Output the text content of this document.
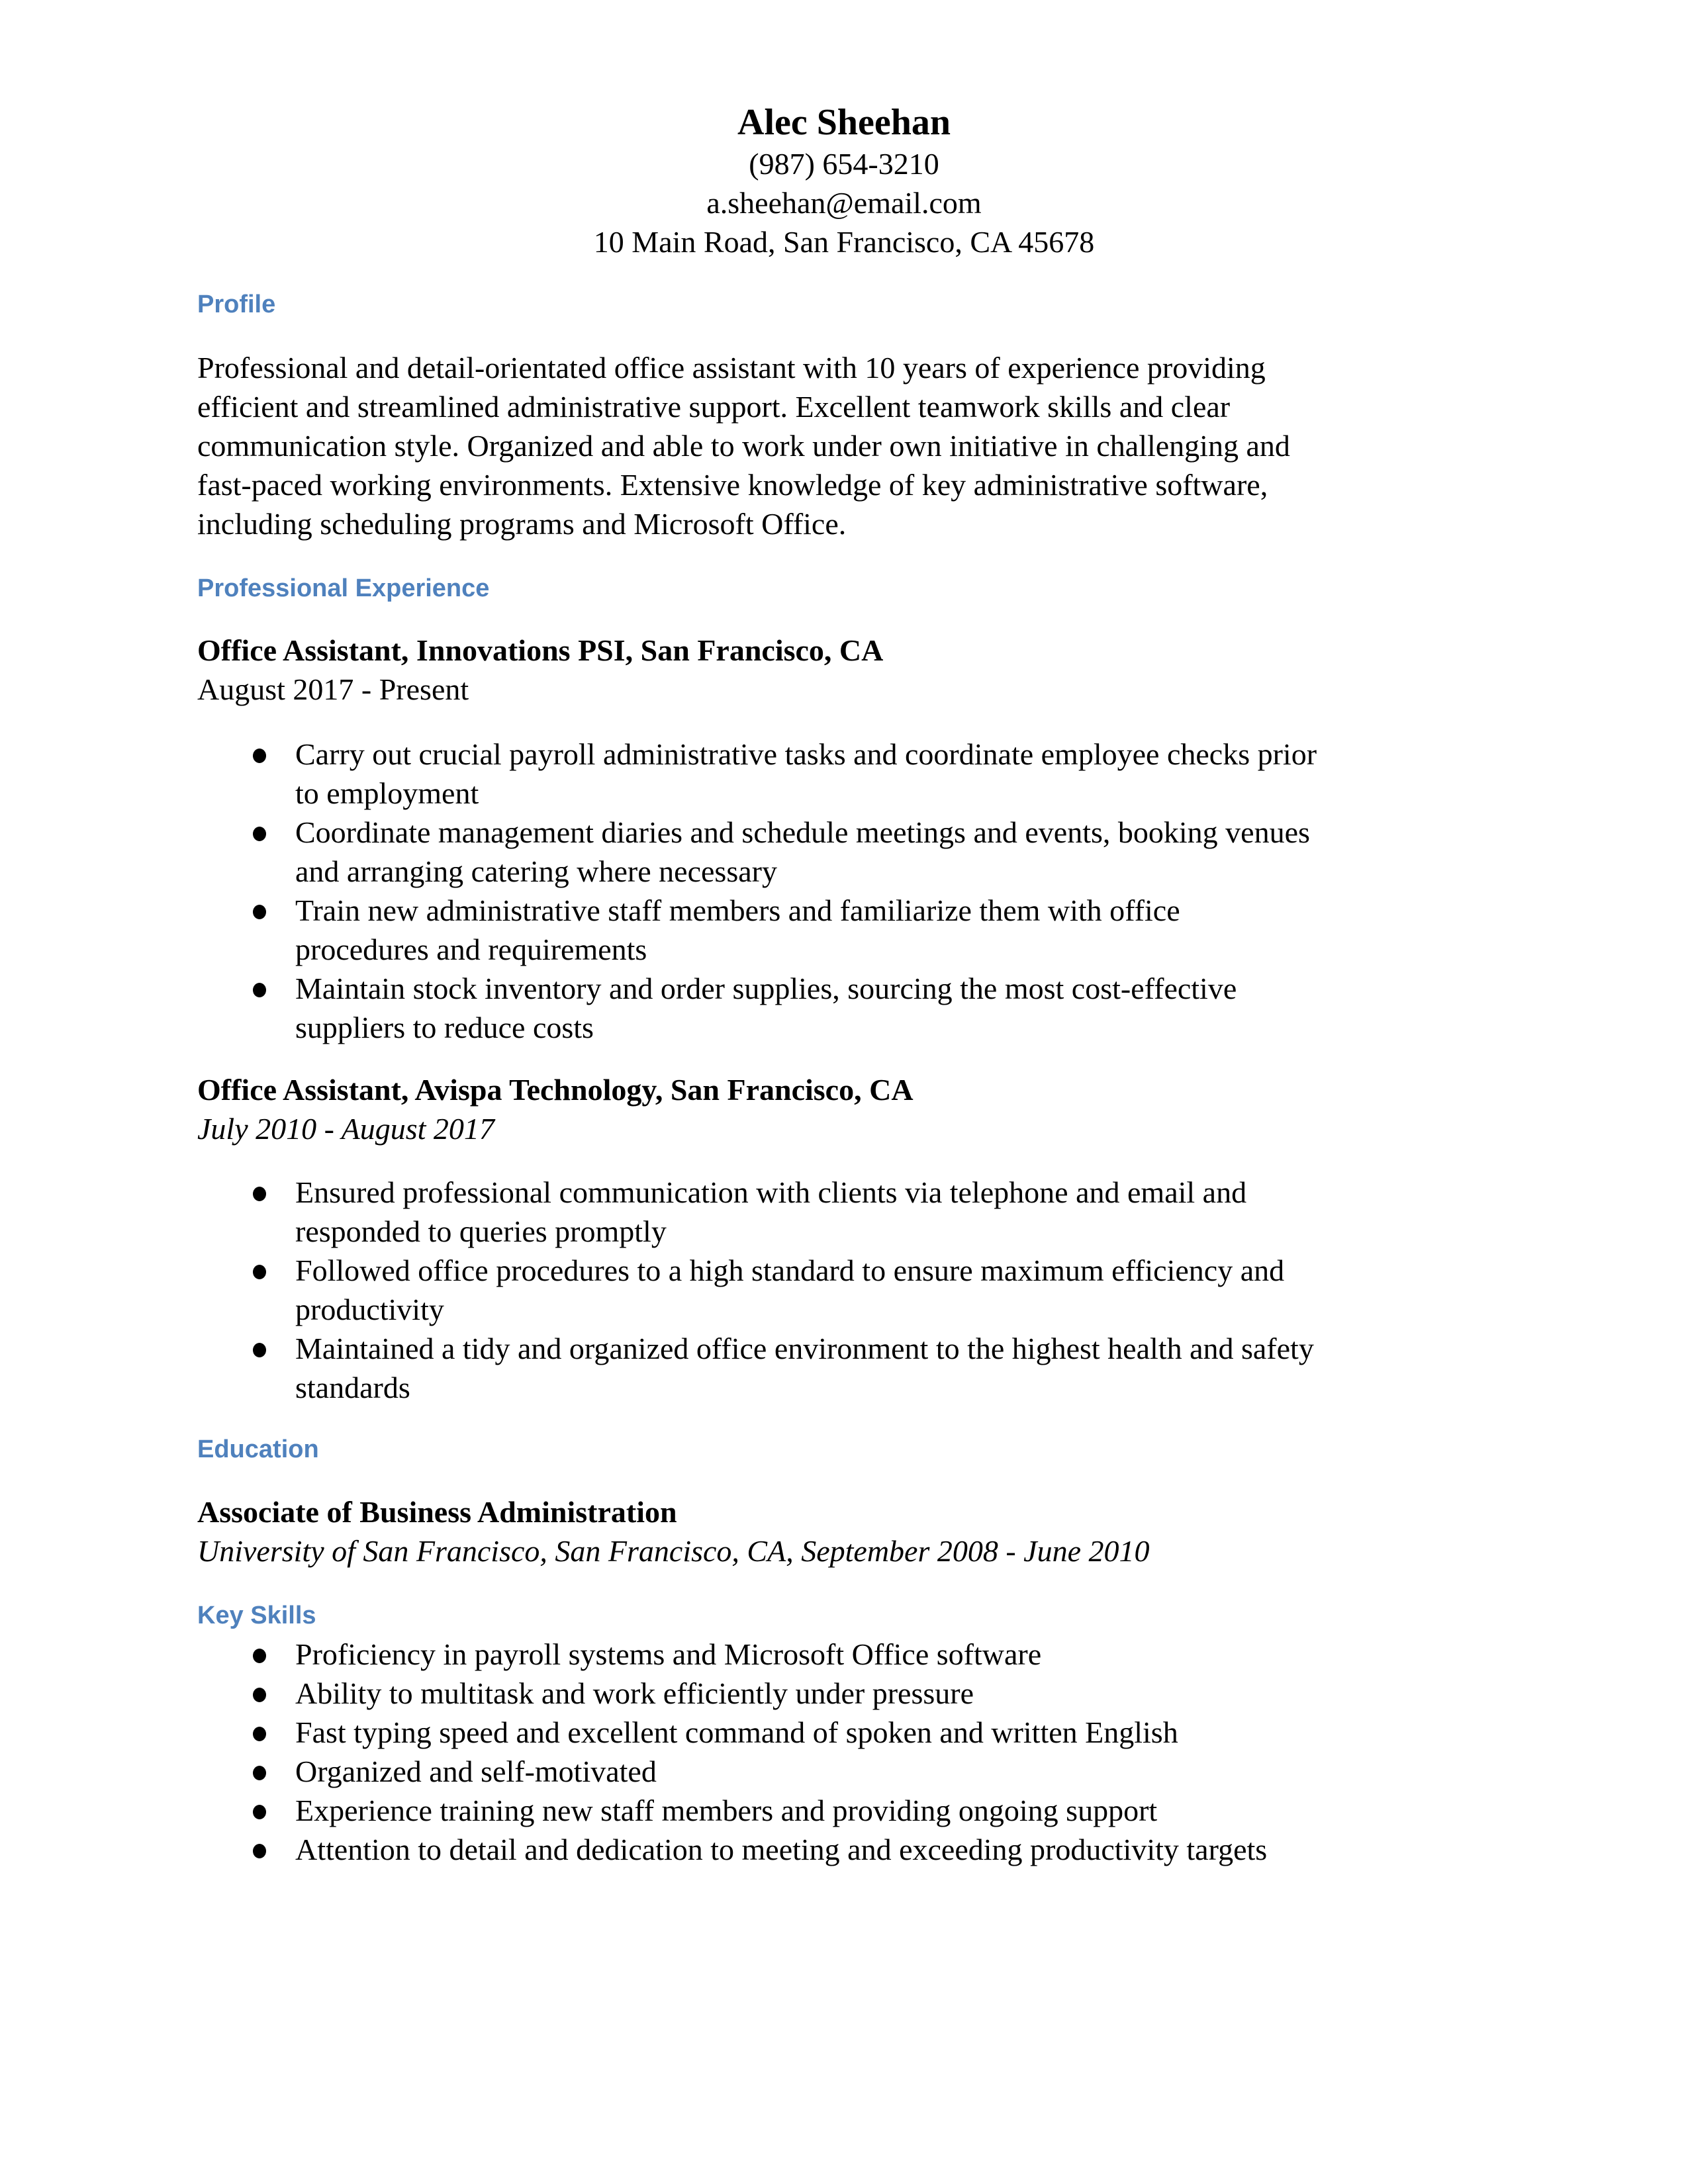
Alec Sheehan
(987) 654-3210
a.sheehan@email.com
10 Main Road, San Francisco, CA 45678
Profile
Professional and detail-orientated office assistant with 10 years of experience providing
efficient and streamlined administrative support. Excellent teamwork skills and clear
communication style. Organized and able to work under own initiative in challenging and
fast-paced working environments. Extensive knowledge of key administrative software,
including scheduling programs and Microsoft Office.
Professional Experience
Office Assistant, Innovations PSI, San Francisco, CA
August 2017 - Present
Carry out crucial payroll administrative tasks and coordinate employee checks prior
to employment
Coordinate management diaries and schedule meetings and events, booking venues
and arranging catering where necessary
Train new administrative staff members and familiarize them with office
procedures and requirements
Maintain stock inventory and order supplies, sourcing the most cost-effective
suppliers to reduce costs
Office Assistant, Avispa Technology, San Francisco, CA
July 2010 - August 2017
Ensured professional communication with clients via telephone and email and
responded to queries promptly
Followed office procedures to a high standard to ensure maximum efficiency and
productivity
Maintained a tidy and organized office environment to the highest health and safety
standards
Education
Associate of Business Administration
University of San Francisco, San Francisco, CA, September 2008 - June 2010
Key Skills
Proficiency in payroll systems and Microsoft Office software
Ability to multitask and work efficiently under pressure
Fast typing speed and excellent command of spoken and written English
Organized and self-motivated
Experience training new staff members and providing ongoing support
Attention to detail and dedication to meeting and exceeding productivity targets
